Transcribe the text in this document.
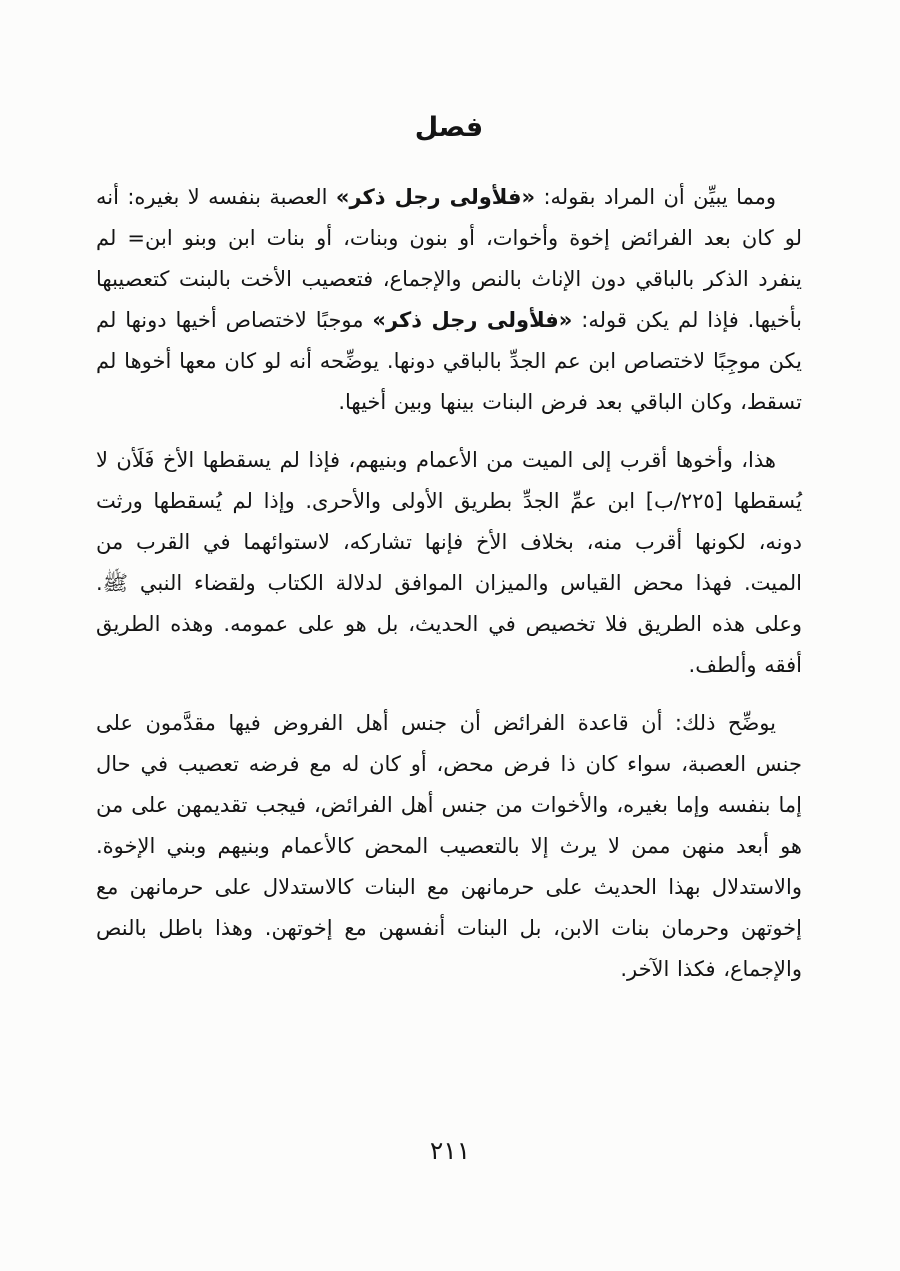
فصل

ومما يبيِّن أن المراد بقوله: «فلأولى رجل ذكر» العصبة بنفسه لا بغيره: أنه لو كان بعد الفرائض إخوة وأخوات، أو بنون وبنات، أو بنات ابن وبنو ابن= لم ينفرد الذكر بالباقي دون الإناث بالنص والإجماع، فتعصيب الأخت بالبنت كتعصيبها بأخيها. فإذا لم يكن قوله: «فلأولى رجل ذكر» موجبًا لاختصاص أخيها دونها لم يكن موجِبًا لاختصاص ابن عم الجدِّ بالباقي دونها. يوضِّحه أنه لو كان معها أخوها لم تسقط، وكان الباقي بعد فرض البنات بينها وبين أخيها.

هذا، وأخوها أقرب إلى الميت من الأعمام وبنيهم، فإذا لم يسقطها الأخ فَلَأن لا يُسقطها [٢٢٥/ب] ابن عمِّ الجدِّ بطريق الأولى والأحرى. وإذا لم يُسقطها ورثت دونه، لكونها أقرب منه، بخلاف الأخ فإنها تشاركه، لاستوائهما في القرب من الميت. فهذا محض القياس والميزان الموافق لدلالة الكتاب ولقضاء النبي ﷺ. وعلى هذه الطريق فلا تخصيص في الحديث، بل هو على عمومه. وهذه الطريق أفقه وألطف.

يوضِّح ذلك: أن قاعدة الفرائض أن جنس أهل الفروض فيها مقدَّمون على جنس العصبة، سواء كان ذا فرض محض، أو كان له مع فرضه تعصيب في حال إما بنفسه وإما بغيره، والأخوات من جنس أهل الفرائض، فيجب تقديمهن على من هو أبعد منهن ممن لا يرث إلا بالتعصيب المحض كالأعمام وبنيهم وبني الإخوة. والاستدلال بهذا الحديث على حرمانهن مع البنات كالاستدلال على حرمانهن مع إخوتهن وحرمان بنات الابن، بل البنات أنفسهن مع إخوتهن. وهذا باطل بالنص والإجماع، فكذا الآخر.

٢١١
